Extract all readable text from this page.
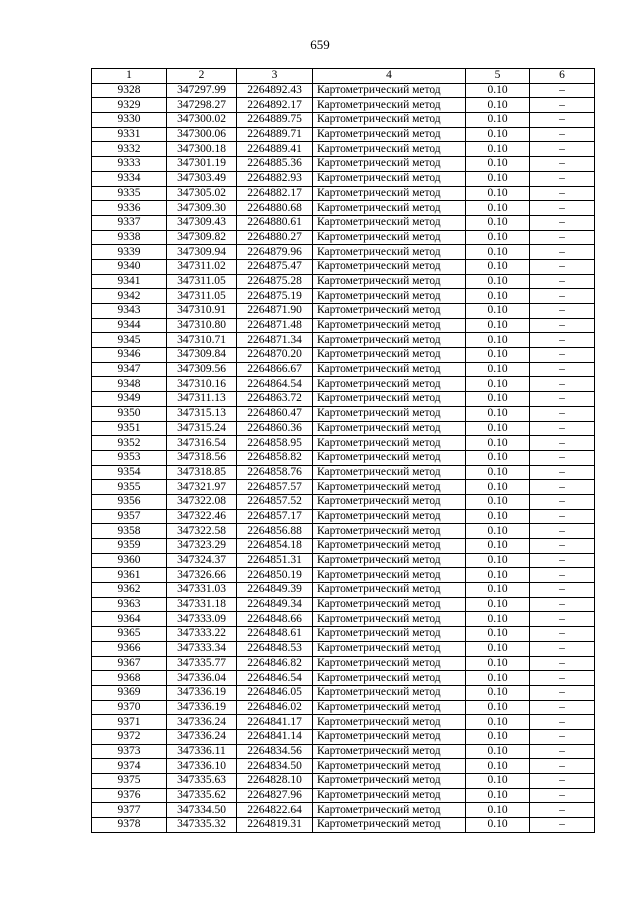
659
1	2	3	4	5	6
9328	347297.99	2264892.43	Картометрический метод	0.10	–
9329	347298.27	2264892.17	Картометрический метод	0.10	–
9330	347300.02	2264889.75	Картометрический метод	0.10	–
9331	347300.06	2264889.71	Картометрический метод	0.10	–
9332	347300.18	2264889.41	Картометрический метод	0.10	–
9333	347301.19	2264885.36	Картометрический метод	0.10	–
9334	347303.49	2264882.93	Картометрический метод	0.10	–
9335	347305.02	2264882.17	Картометрический метод	0.10	–
9336	347309.30	2264880.68	Картометрический метод	0.10	–
9337	347309.43	2264880.61	Картометрический метод	0.10	–
9338	347309.82	2264880.27	Картометрический метод	0.10	–
9339	347309.94	2264879.96	Картометрический метод	0.10	–
9340	347311.02	2264875.47	Картометрический метод	0.10	–
9341	347311.05	2264875.28	Картометрический метод	0.10	–
9342	347311.05	2264875.19	Картометрический метод	0.10	–
9343	347310.91	2264871.90	Картометрический метод	0.10	–
9344	347310.80	2264871.48	Картометрический метод	0.10	–
9345	347310.71	2264871.34	Картометрический метод	0.10	–
9346	347309.84	2264870.20	Картометрический метод	0.10	–
9347	347309.56	2264866.67	Картометрический метод	0.10	–
9348	347310.16	2264864.54	Картометрический метод	0.10	–
9349	347311.13	2264863.72	Картометрический метод	0.10	–
9350	347315.13	2264860.47	Картометрический метод	0.10	–
9351	347315.24	2264860.36	Картометрический метод	0.10	–
9352	347316.54	2264858.95	Картометрический метод	0.10	–
9353	347318.56	2264858.82	Картометрический метод	0.10	–
9354	347318.85	2264858.76	Картометрический метод	0.10	–
9355	347321.97	2264857.57	Картометрический метод	0.10	–
9356	347322.08	2264857.52	Картометрический метод	0.10	–
9357	347322.46	2264857.17	Картометрический метод	0.10	–
9358	347322.58	2264856.88	Картометрический метод	0.10	–
9359	347323.29	2264854.18	Картометрический метод	0.10	–
9360	347324.37	2264851.31	Картометрический метод	0.10	–
9361	347326.66	2264850.19	Картометрический метод	0.10	–
9362	347331.03	2264849.39	Картометрический метод	0.10	–
9363	347331.18	2264849.34	Картометрический метод	0.10	–
9364	347333.09	2264848.66	Картометрический метод	0.10	–
9365	347333.22	2264848.61	Картометрический метод	0.10	–
9366	347333.34	2264848.53	Картометрический метод	0.10	–
9367	347335.77	2264846.82	Картометрический метод	0.10	–
9368	347336.04	2264846.54	Картометрический метод	0.10	–
9369	347336.19	2264846.05	Картометрический метод	0.10	–
9370	347336.19	2264846.02	Картометрический метод	0.10	–
9371	347336.24	2264841.17	Картометрический метод	0.10	–
9372	347336.24	2264841.14	Картометрический метод	0.10	–
9373	347336.11	2264834.56	Картометрический метод	0.10	–
9374	347336.10	2264834.50	Картометрический метод	0.10	–
9375	347335.63	2264828.10	Картометрический метод	0.10	–
9376	347335.62	2264827.96	Картометрический метод	0.10	–
9377	347334.50	2264822.64	Картометрический метод	0.10	–
9378	347335.32	2264819.31	Картометрический метод	0.10	–
